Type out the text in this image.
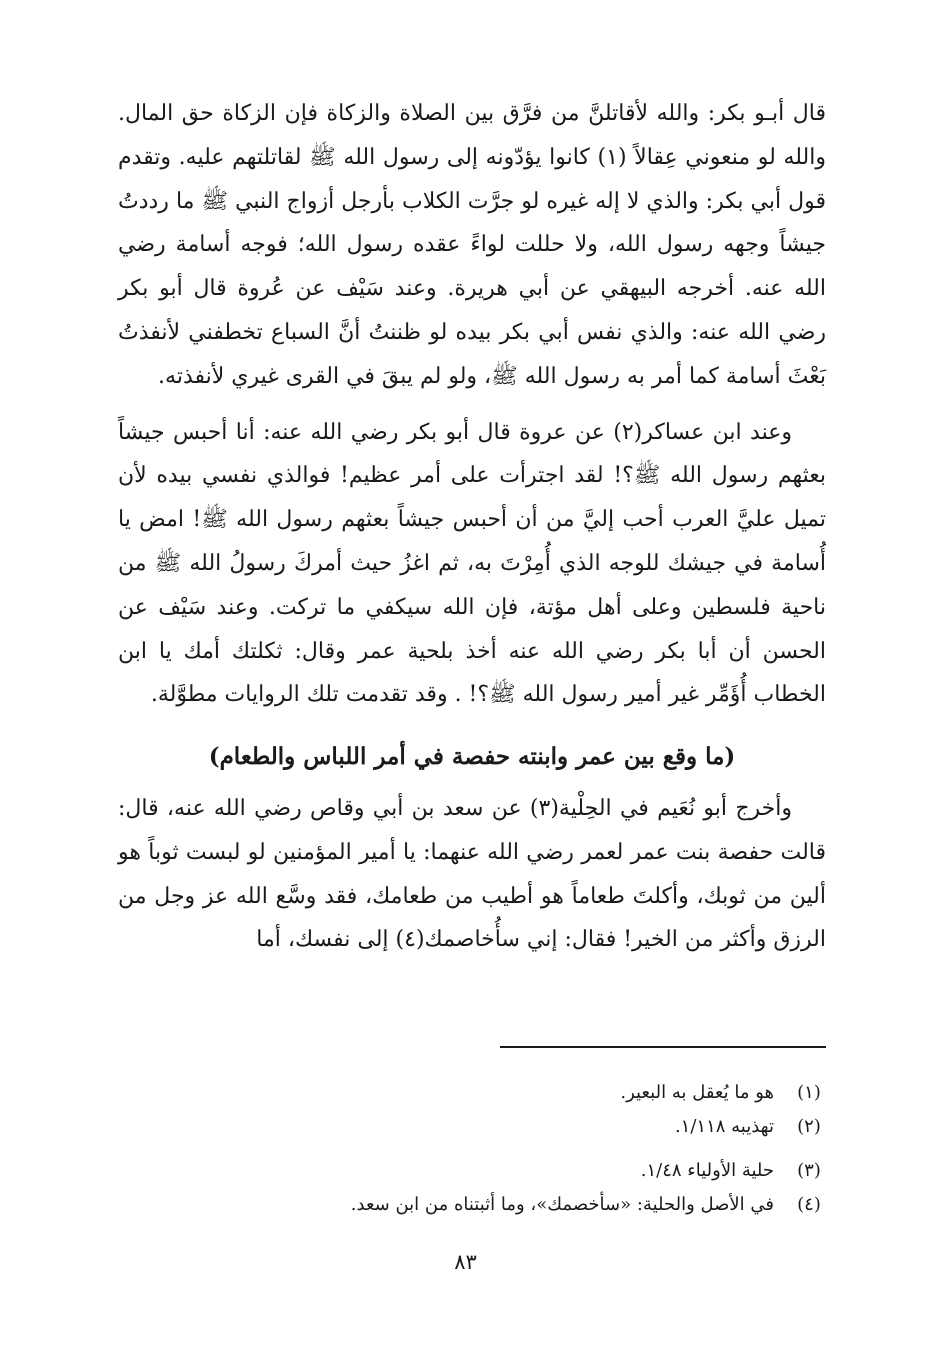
قال أبـو بكر: والله لأقاتلنَّ من فرَّق بين الصلاة والزكاة فإن الزكاة حق المال. والله لو منعوني عِقالاً (١) كانوا يؤدّونه إلى رسول الله ﷺ لقاتلتهم عليه. وتقدم قول أبي بكر: والذي لا إله غيره لو جرَّت الكلاب بأرجل أزواج النبي ﷺ ما رددتُ جيشاً وجهه رسول الله، ولا حللت لواءً عقده رسول الله؛ فوجه أسامة رضي الله عنه. أخرجه البيهقي عن أبي هريرة. وعند سَيْف عن عُروة قال أبو بكر رضي الله عنه: والذي نفس أبي بكر بيده لو ظننتُ أنَّ السباع تخطفني لأنفذتُ بَعْثَ أسامة كما أمر به رسول الله ﷺ، ولو لم يبقَ في القرى غيري لأنفذته.

وعند ابن عساكر(٢) عن عروة قال أبو بكر رضي الله عنه: أنا أحبس جيشاً بعثهم رسول الله ﷺ؟! لقد اجترأت على أمر عظيم! فوالذي نفسي بيده لأن تميل عليَّ العرب أحب إليَّ من أن أحبس جيشاً بعثهم رسول الله ﷺ! امض يا أُسامة في جيشك للوجه الذي أُمِرْتَ به، ثم اغزُ حيث أمركَ رسولُ الله ﷺ من ناحية فلسطين وعلى أهل مؤتة، فإن الله سيكفي ما تركت. وعند سَيْف عن الحسن أن أبا بكر رضي الله عنه أخذ بلحية عمر وقال: ثكلتك أمك يا ابن الخطاب أُؤَمِّر غير أمير رسول الله ﷺ؟! . وقد تقدمت تلك الروايات مطوَّلة.

(ما وقع بين عمر وابنته حفصة في أمر اللباس والطعام)

وأخرج أبو نُعَيم في الحِلْية(٣) عن سعد بن أبي وقاص رضي الله عنه، قال: قالت حفصة بنت عمر لعمر رضي الله عنهما: يا أمير المؤمنين لو لبست ثوباً هو ألين من ثوبك، وأكلتَ طعاماً هو أطيب من طعامك، فقد وسَّع الله عز وجل من الرزق وأكثر من الخير! فقال: إني سأُخاصمك(٤) إلى نفسك، أما

(١)
هو ما يُعقل به البعير.
(٢)
تهذيبه ١/١١٨.
(٣)
حلية الأولياء ١/٤٨.
(٤)
في الأصل والحلية: «سأخصمك»، وما أثبتناه من ابن سعد.
٨٣
